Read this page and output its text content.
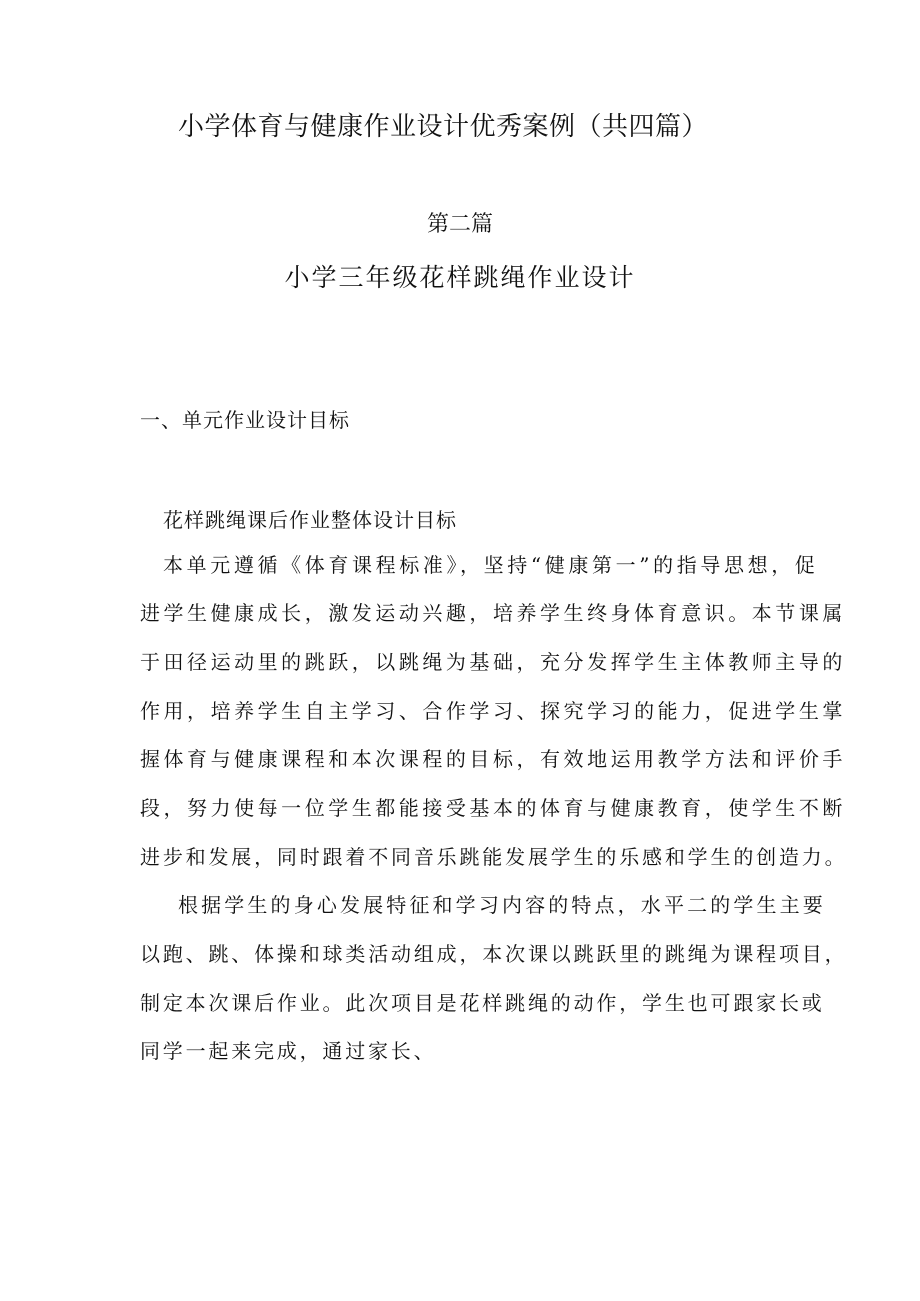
小学体育与健康作业设计优秀案例（共四篇）
第二篇
小学三年级花样跳绳作业设计
一、单元作业设计目标

花样跳绳课后作业整体设计目标

本单元遵循《体育课程标准》，坚持“健康第一”的指导思想，促

进学生健康成长，激发运动兴趣，培养学生终身体育意识。本节课属

于田径运动里的跳跃，以跳绳为基础，充分发挥学生主体教师主导的

作用，培养学生自主学习、合作学习、探究学习的能力，促进学生掌

握体育与健康课程和本次课程的目标，有效地运用教学方法和评价手

段，努力使每一位学生都能接受基本的体育与健康教育，使学生不断

进步和发展，同时跟着不同音乐跳能发展学生的乐感和学生的创造力。

根据学生的身心发展特征和学习内容的特点，水平二的学生主要

以跑、跳、体操和球类活动组成，本次课以跳跃里的跳绳为课程项目，

制定本次课后作业。此次项目是花样跳绳的动作，学生也可跟家长或

同学一起来完成，通过家长、
